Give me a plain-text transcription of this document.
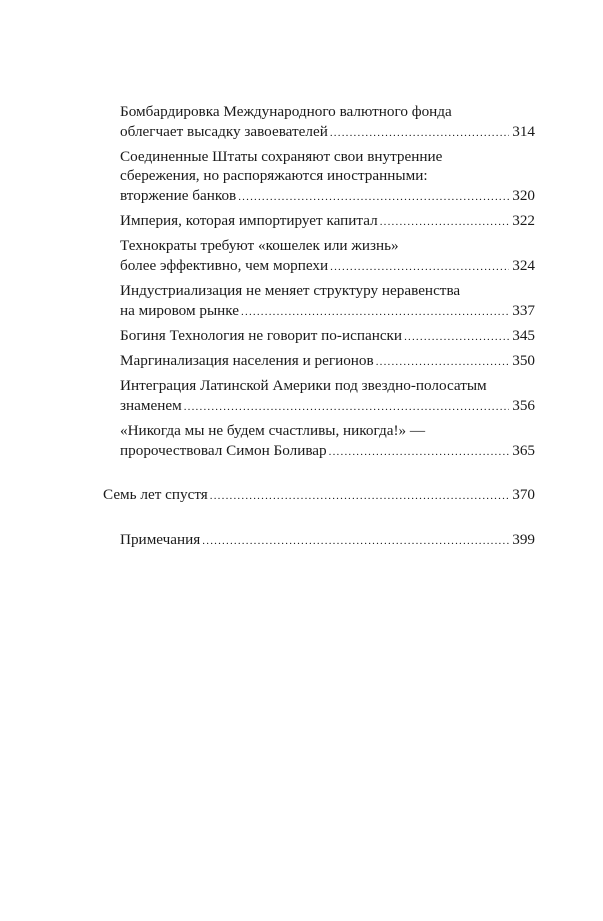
Бомбардировка Международного валютного фонда
облегчает высадку завоевателей .....	314
Соединенные Штаты сохраняют свои внутренние
сбережения, но распоряжаются иностранными:
вторжение банков .....	320
Империя, которая импортирует капитал .....	322
Технократы требуют «кошелек или жизнь»
более эффективно, чем морпехи .....	324
Индустриализация не меняет структуру неравенства
на мировом рынке .....	337
Богиня Технология не говорит по-испански .....	345
Маргинализация населения и регионов .....	350
Интеграция Латинской Америки под звездно-полосатым
знаменем .....	356
«Никогда мы не будем счастливы, никогда!» —
пророчествовал Симон Боливар .....	365
Семь лет спустя .....	370
Примечания .....	399
